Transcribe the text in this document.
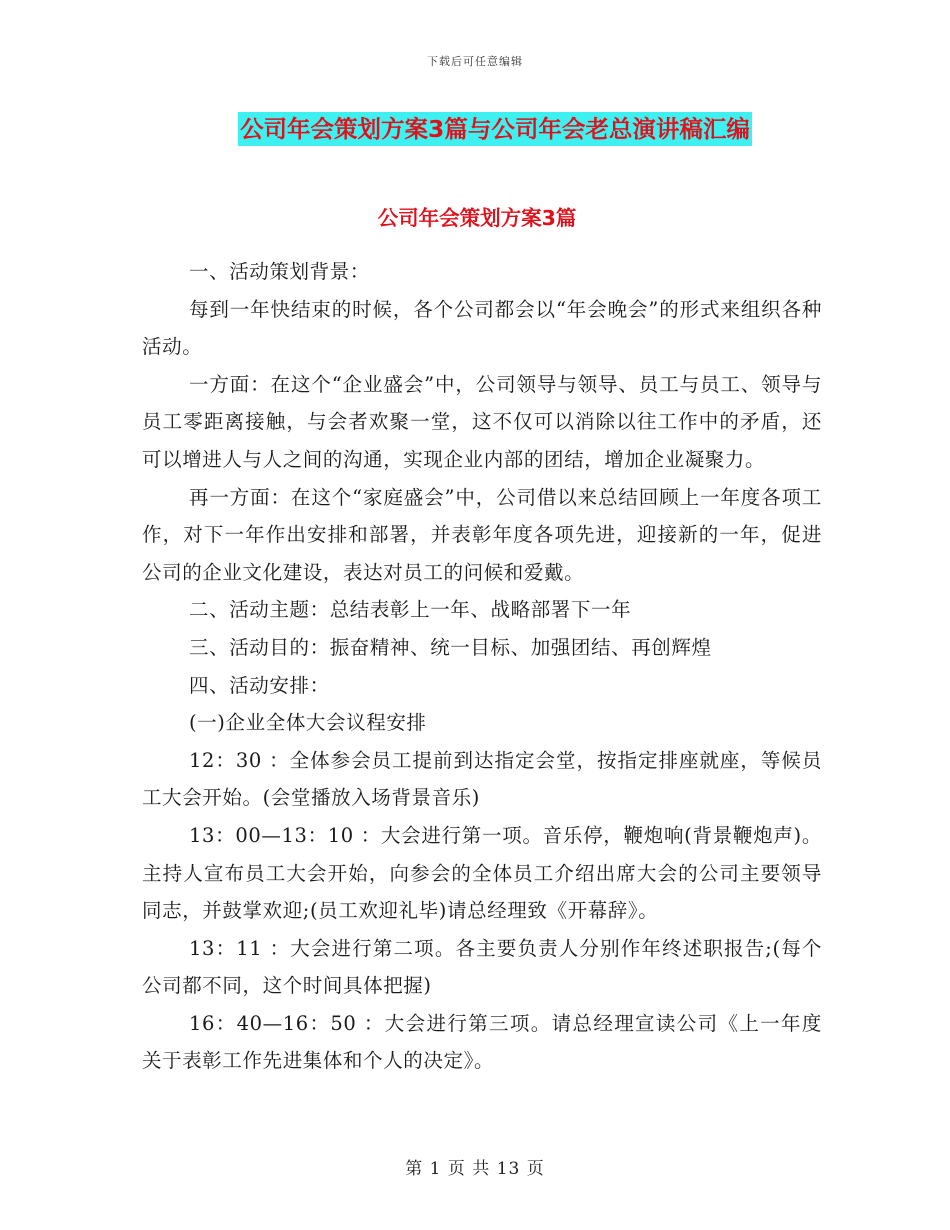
下载后可任意编辑
公司年会策划方案3篇与公司年会老总演讲稿汇编
公司年会策划方案3篇

一、活动策划背景：

每到一年快结束的时候，各个公司都会以“年会晚会”的形式来组织各种活动。

一方面：在这个“企业盛会”中，公司领导与领导、员工与员工、领导与员工零距离接触，与会者欢聚一堂，这不仅可以消除以往工作中的矛盾，还可以增进人与人之间的沟通，实现企业内部的团结，增加企业凝聚力。

再一方面：在这个“家庭盛会”中，公司借以来总结回顾上一年度各项工作，对下一年作出安排和部署，并表彰年度各项先进，迎接新的一年，促进公司的企业文化建设，表达对员工的问候和爱戴。

二、活动主题：总结表彰上一年、战略部署下一年

三、活动目的：振奋精神、统一目标、加强团结、再创辉煌

四、活动安排：

(一)企业全体大会议程安排

12：30 ：全体参会员工提前到达指定会堂，按指定排座就座，等候员工大会开始。(会堂播放入场背景音乐)

13：00—13：10 ：大会进行第一项。音乐停，鞭炮响(背景鞭炮声)。主持人宣布员工大会开始，向参会的全体员工介绍出席大会的公司主要领导同志，并鼓掌欢迎;(员工欢迎礼毕)请总经理致《开幕辞》。

13：11 ：大会进行第二项。各主要负责人分别作年终述职报告;(每个公司都不同，这个时间具体把握)

16：40—16：50 ：大会进行第三项。请总经理宣读公司《上一年度关于表彰工作先进集体和个人的决定》。

第 1 页 共 13 页
